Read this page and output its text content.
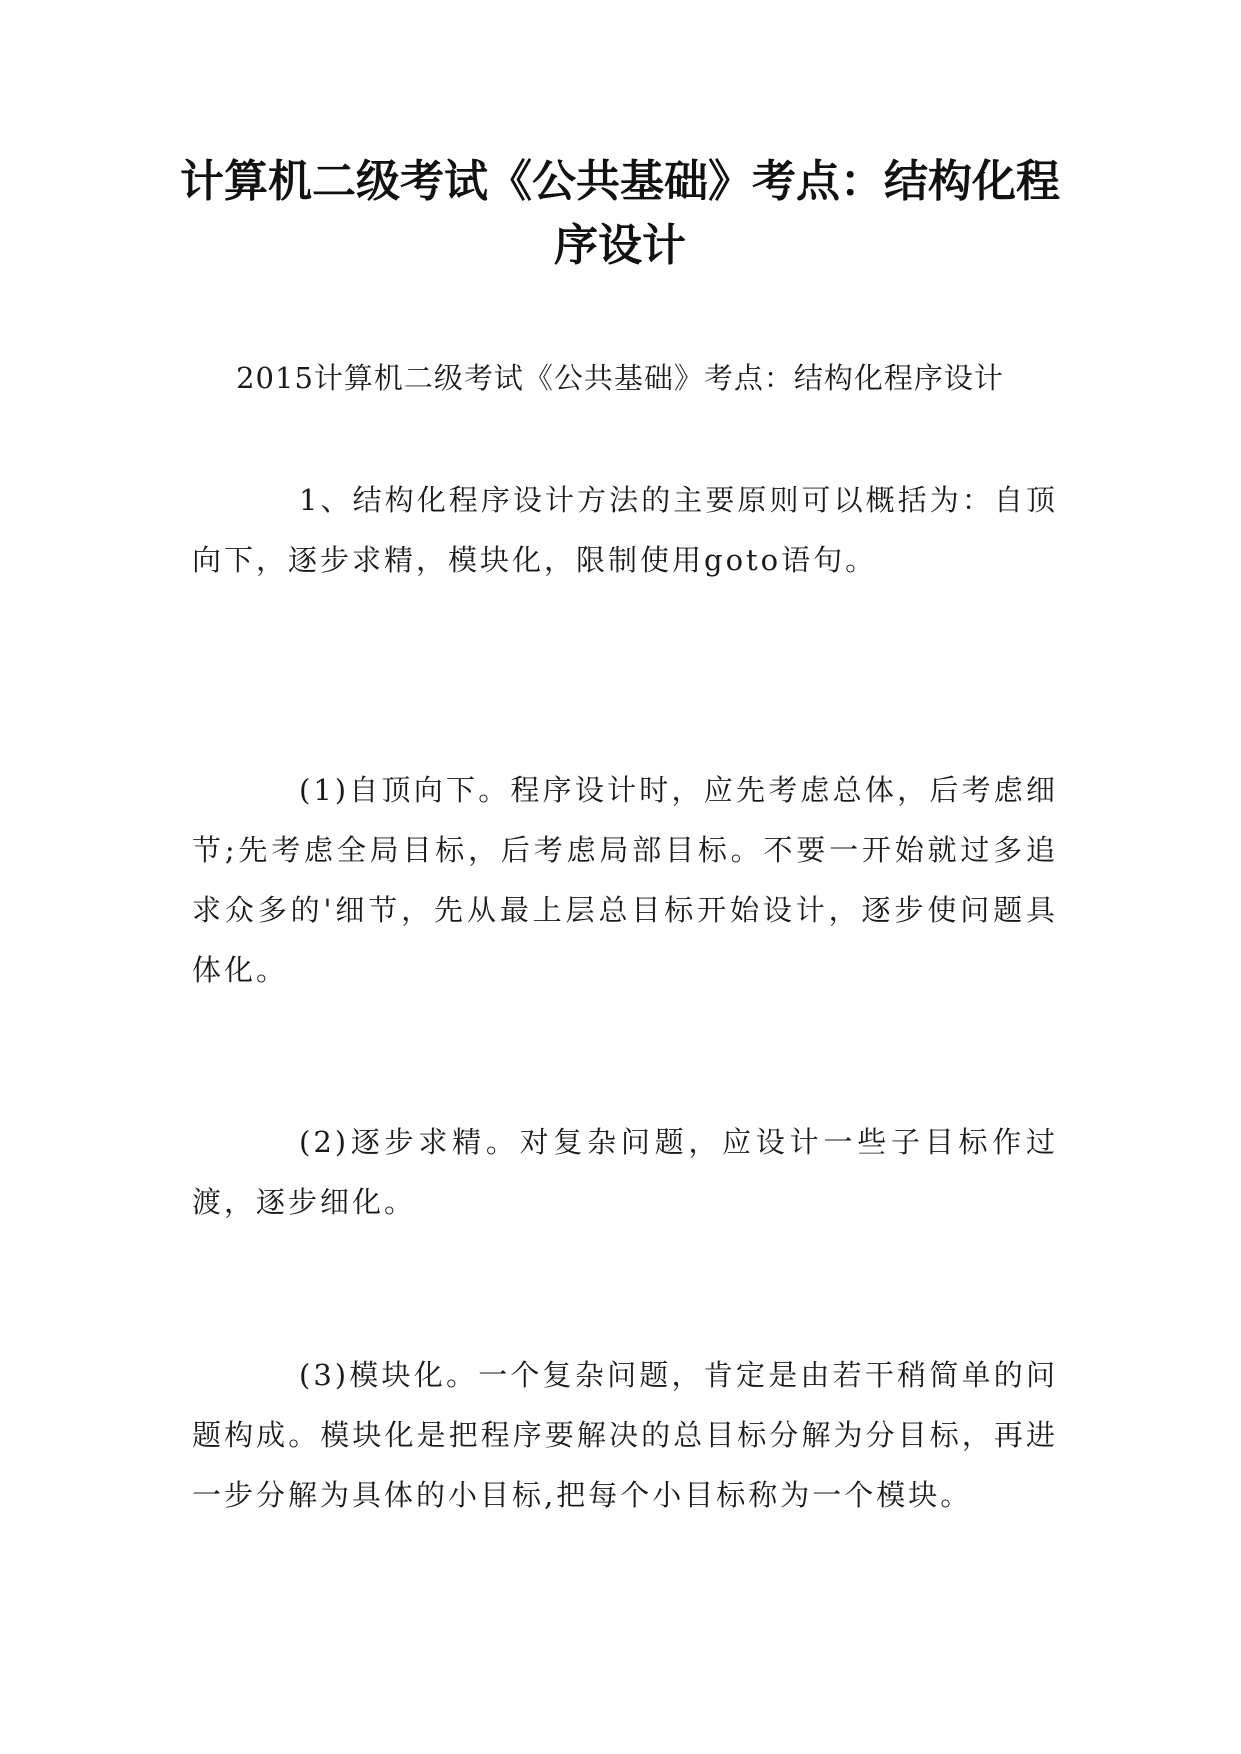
计算机二级考试《公共基础》考点：结构化程序设计
2015计算机二级考试《公共基础》考点：结构化程序设计
1、结构化程序设计方法的主要原则可以概括为：自顶向下，逐步求精，模块化，限制使用goto语句。
(1)自顶向下。程序设计时，应先考虑总体，后考虑细节;先考虑全局目标，后考虑局部目标。不要一开始就过多追求众多的'细节，先从最上层总目标开始设计，逐步使问题具体化。
(2)逐步求精。对复杂问题，应设计一些子目标作过渡，逐步细化。
(3)模块化。一个复杂问题，肯定是由若干稍简单的问题构成。模块化是把程序要解决的总目标分解为分目标，再进一步分解为具体的小目标,把每个小目标称为一个模块。
